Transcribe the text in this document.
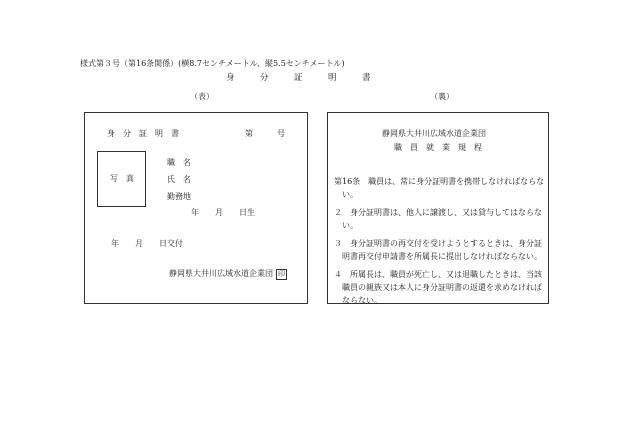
様式第３号（第16条関係）(横8.7センチメートル、縦5.5センチメートル)
身　　　分　　　証　　　明　　　書
（表）	（裏）
身　分　証　明　書	第　　　号
写　真
職　名
氏　名
勤務地
年　　月　　日生
年　　月　　日交付
静岡県大井川広域水道企業団 印
静岡県大井川広域水道企業団
職　員　就　業　規　程
第16条　職員は、常に身分証明書を携帯しなければならな
　い。
２　身分証明書は、他人に譲渡し、又は貸与してはならな
　い。
３　身分証明書の再交付を受けようとするときは、身分証
　明書再交付申請書を所属長に提出しなければならない。
４　所属長は、職員が死亡し、又は退職したときは、当該
　職員の親族又は本人に身分証明書の返還を求めなければ
　ならない。
